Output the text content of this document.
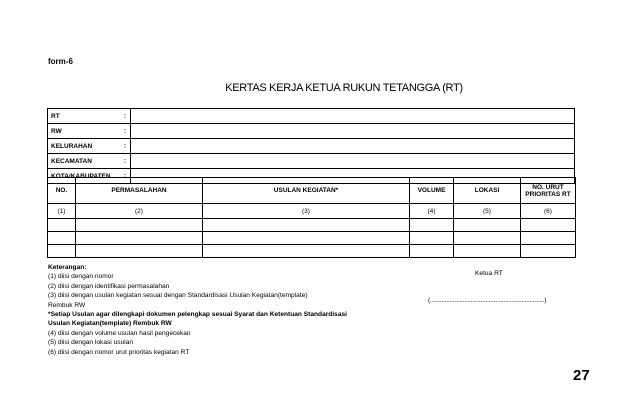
form-6
KERTAS KERJA KETUA RUKUN TETANGGA (RT)
RT :	

RW :	

KELURAHAN :	

KECAMATAN :	

KOTA/KABUPATEN :	

NO.	PERMASALAHAN	USULAN KEGIATAN*	VOLUME	LOKASI	NO. URUT PRIORITAS RT
(1)	(2)	(3)	(4)	(5)	(6)

Keterangan:
(1) diisi dengan nomor
(2) diisi dengan identifikasi permasalahan
(3) diisi dengan usulan kegiatan sesuai dengan Standardisasi Usulan Kegiatan(template)
Rembuk RW
*Setiap Usulan agar dilengkapi dokumen pelengkap sesuai Syarat dan Ketentuan Standardisasi
Usulan Kegiatan(template) Rembuk RW
(4) diisi dengan volume usulan hasil pengecekan
(5) diisi dengan lokasi usulan
(6) diisi dengan nomor urut prioritas kegiatan RT
Ketua RT
(......................................................................)
27
